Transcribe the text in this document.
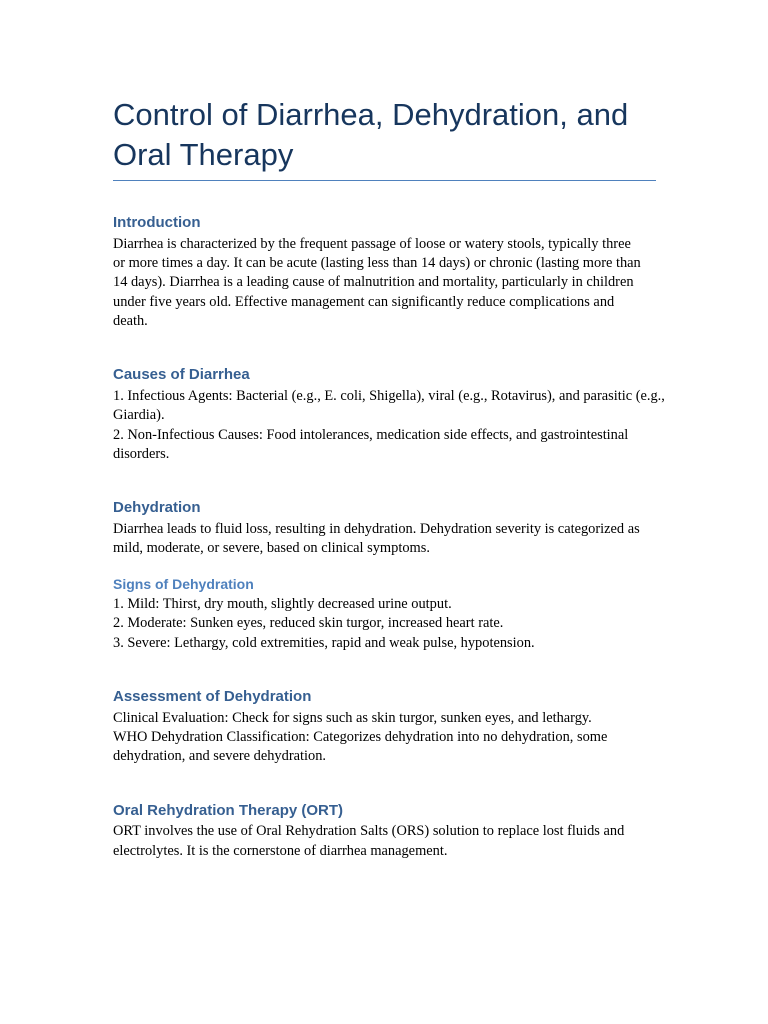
Control of Diarrhea, Dehydration, and Oral Therapy
Introduction

Diarrhea is characterized by the frequent passage of loose or watery stools, typically three
or more times a day. It can be acute (lasting less than 14 days) or chronic (lasting more than
14 days). Diarrhea is a leading cause of malnutrition and mortality, particularly in children
under five years old. Effective management can significantly reduce complications and
death.

Causes of Diarrhea

1. Infectious Agents: Bacterial (e.g., E. coli, Shigella), viral (e.g., Rotavirus), and parasitic (e.g.,
Giardia).
2. Non-Infectious Causes: Food intolerances, medication side effects, and gastrointestinal
disorders.

Dehydration

Diarrhea leads to fluid loss, resulting in dehydration. Dehydration severity is categorized as
mild, moderate, or severe, based on clinical symptoms.

Signs of Dehydration

1. Mild: Thirst, dry mouth, slightly decreased urine output.
2. Moderate: Sunken eyes, reduced skin turgor, increased heart rate.
3. Severe: Lethargy, cold extremities, rapid and weak pulse, hypotension.

Assessment of Dehydration

Clinical Evaluation: Check for signs such as skin turgor, sunken eyes, and lethargy.
WHO Dehydration Classification: Categorizes dehydration into no dehydration, some
dehydration, and severe dehydration.

Oral Rehydration Therapy (ORT)

ORT involves the use of Oral Rehydration Salts (ORS) solution to replace lost fluids and
electrolytes. It is the cornerstone of diarrhea management.
